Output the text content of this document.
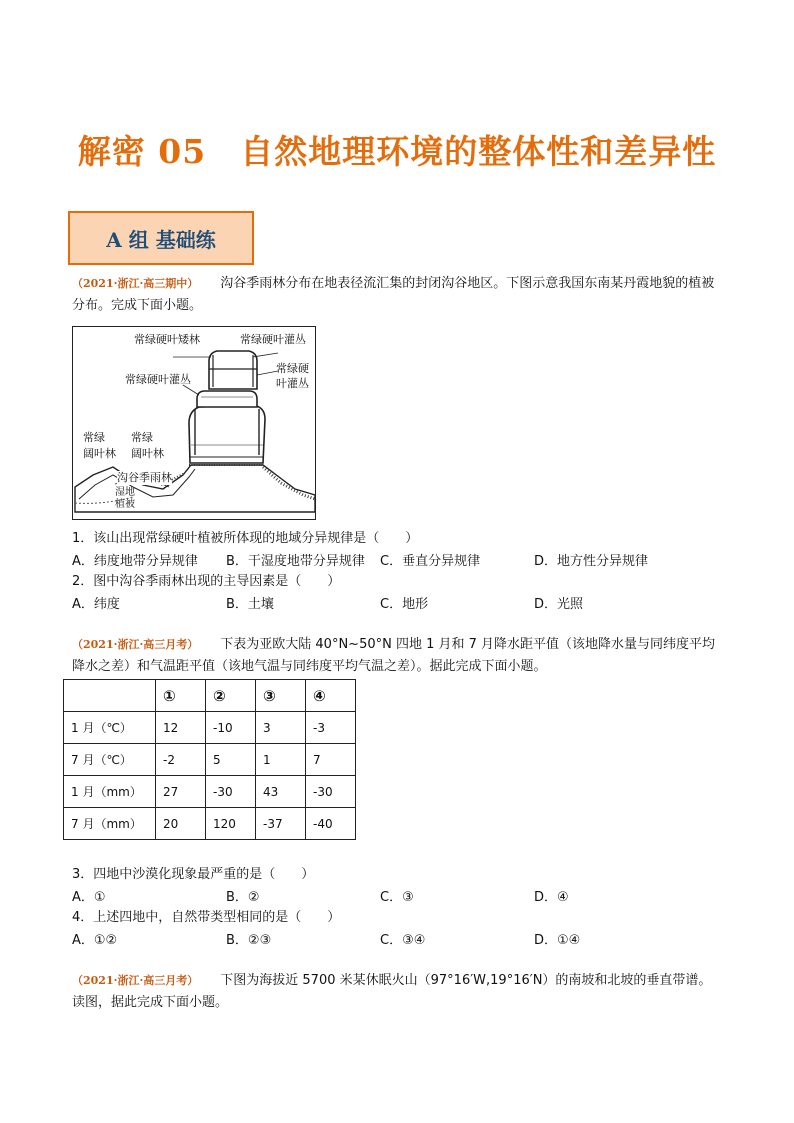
解密 05　自然地理环境的整体性和差异性
A 组 基础练
（2021·浙江·高三期中） 沟谷季雨林分布在地表径流汇集的封闭沟谷地区。下图示意我国东南某丹霞地貌的植被分布。完成下面小题。
常绿硬叶矮林	常绿硬叶灌丛
常绿硬叶灌丛
常绿硬
叶灌丛
常绿
阔叶林
常绿
阔叶林
沟谷季雨林
湿地
植被
1．该山出现常绿硬叶植被所体现的地域分异规律是（　　）
A．纬度地带分异规律 B．干湿度地带分异规律 C．垂直分异规律	D．地方性分异规律
2．图中沟谷季雨林出现的主导因素是（　　）
A．纬度	B．土壤	C．地形	D．光照
（2021·浙江·高三月考） 下表为亚欧大陆 40°N~50°N 四地 1 月和 7 月降水距平值（该地降水量与同纬度平均降水之差）和气温距平值（该地气温与同纬度平均气温之差）。据此完成下面小题。
	①	②	③	④
1 月（℃）	12	-10	3	-3
7 月（℃）	-2	5	1	7
1 月（mm）	27	-30	43	-30
7 月（mm）	20	120	-37	-40
3．四地中沙漠化现象最严重的是（　　）
A．①	B．②	C．③	D．④
4．上述四地中，自然带类型相同的是（　　）
A．①②	B．②③	C．③④	D．①④
（2021·浙江·高三月考） 下图为海拔近 5700 米某休眠火山（97°16′W,19°16′N）的南坡和北坡的垂直带谱。读图，据此完成下面小题。
